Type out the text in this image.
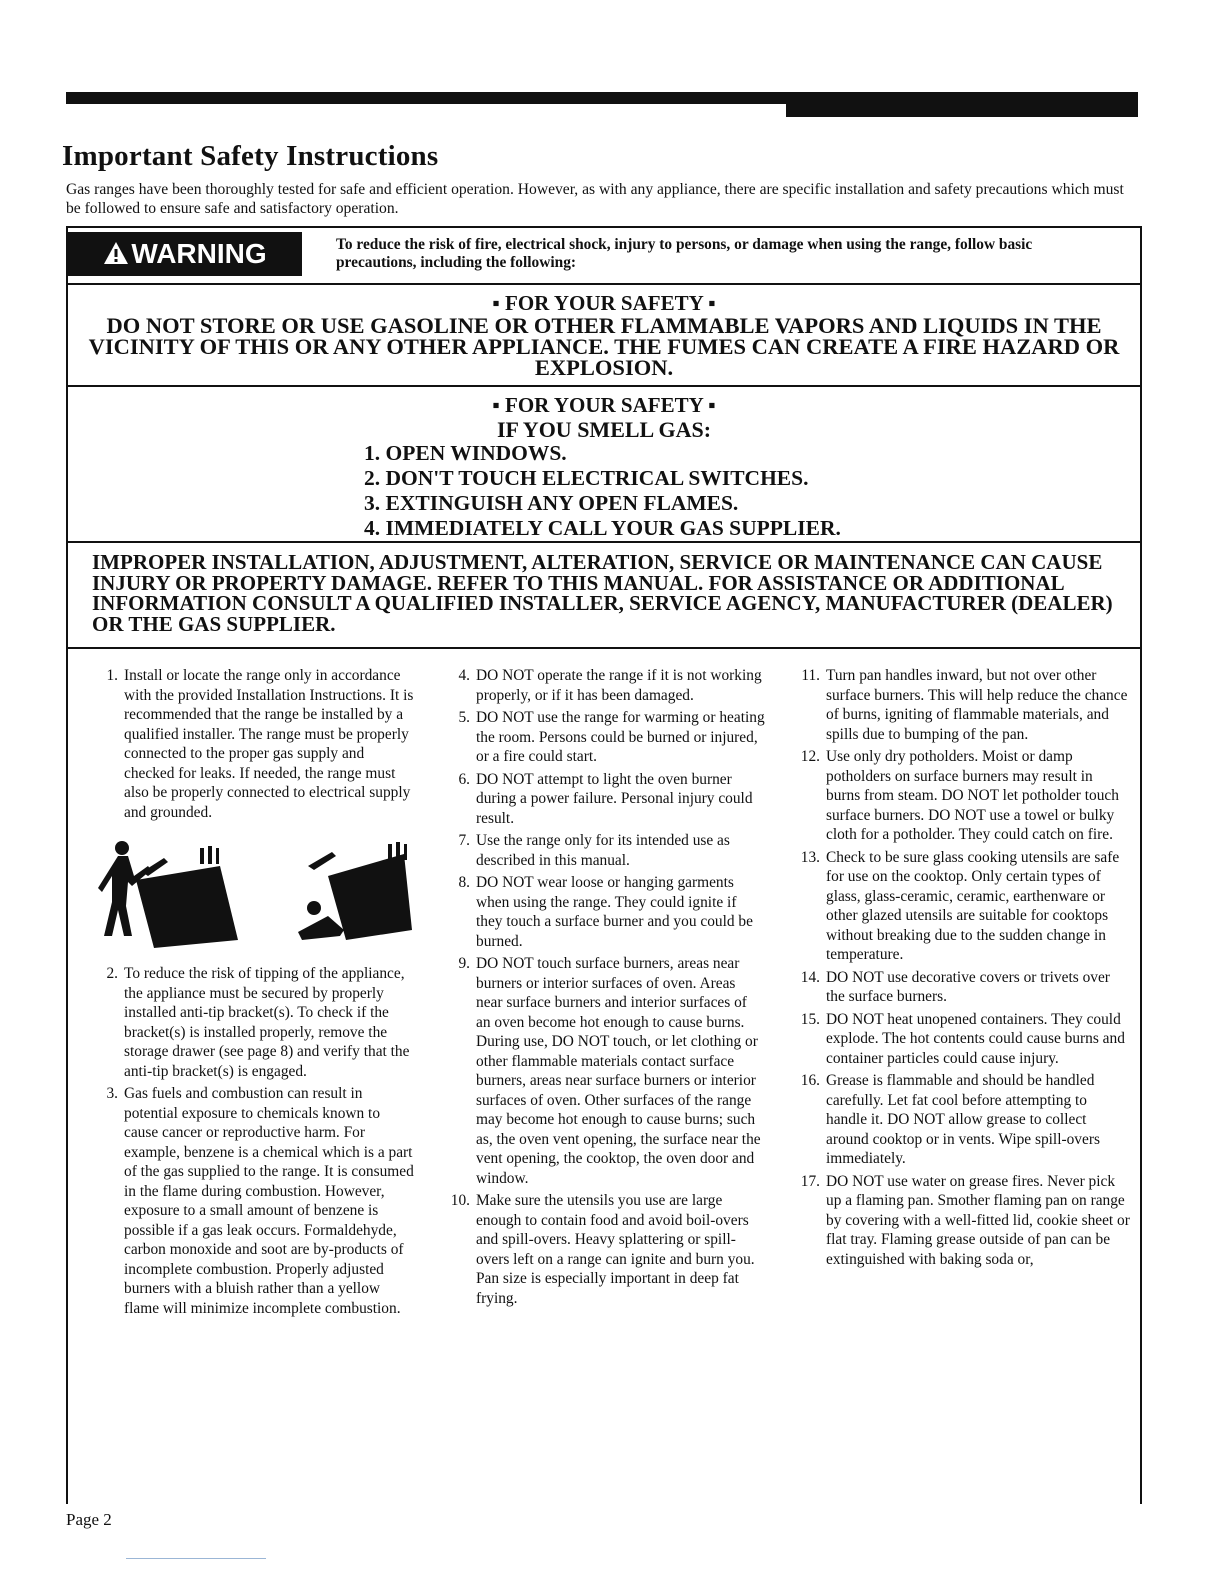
Important Safety Instructions

Gas ranges have been thoroughly tested for safe and efficient operation. However, as with any appliance, there are specific installation and safety precautions which must be followed to ensure safe and satisfactory operation.

WARNING	To reduce the risk of fire, electrical shock, injury to persons, or damage when using the range, follow basic precautions, including the following:
▪ FOR YOUR SAFETY ▪
DO NOT STORE OR USE GASOLINE OR OTHER FLAMMABLE VAPORS AND LIQUIDS IN THE VICINITY OF THIS OR ANY OTHER APPLIANCE. THE FUMES CAN CREATE A FIRE HAZARD OR EXPLOSION.
▪ FOR YOUR SAFETY ▪
IF YOU SMELL GAS:
1. OPEN WINDOWS.
2. DON'T TOUCH ELECTRICAL SWITCHES.
3. EXTINGUISH ANY OPEN FLAMES.
4. IMMEDIATELY CALL YOUR GAS SUPPLIER.
IMPROPER INSTALLATION, ADJUSTMENT, ALTERATION, SERVICE OR MAINTENANCE CAN CAUSE INJURY OR PROPERTY DAMAGE. REFER TO THIS MANUAL. FOR ASSISTANCE OR ADDITIONAL INFORMATION CONSULT A QUALIFIED INSTALLER, SERVICE AGENCY, MANUFACTURER (DEALER) OR THE GAS SUPPLIER.
1. Install or locate the range only in accordance with the provided Installation Instructions. It is recommended that the range be installed by a qualified installer. The range must be properly connected to the proper gas supply and checked for leaks. If needed, the range must also be properly connected to electrical supply and grounded.
2. To reduce the risk of tipping of the appliance, the appliance must be secured by properly installed anti-tip bracket(s). To check if the bracket(s) is installed properly, remove the storage drawer (see page 8) and verify that the anti-tip bracket(s) is engaged.
3. Gas fuels and combustion can result in potential exposure to chemicals known to cause cancer or reproductive harm. For example, benzene is a chemical which is a part of the gas supplied to the range. It is consumed in the flame during combustion. However, exposure to a small amount of benzene is possible if a gas leak occurs. Formaldehyde, carbon monoxide and soot are by-products of incomplete combustion. Properly adjusted burners with a bluish rather than a yellow flame will minimize incomplete combustion.
4. DO NOT operate the range if it is not working properly, or if it has been damaged.
5. DO NOT use the range for warming or heating the room. Persons could be burned or injured, or a fire could start.
6. DO NOT attempt to light the oven burner during a power failure. Personal injury could result.
7. Use the range only for its intended use as described in this manual.
8. DO NOT wear loose or hanging garments when using the range. They could ignite if they touch a surface burner and you could be burned.
9. DO NOT touch surface burners, areas near burners or interior surfaces of oven. Areas near surface burners and interior surfaces of an oven become hot enough to cause burns. During use, DO NOT touch, or let clothing or other flammable materials contact surface burners, areas near surface burners or interior surfaces of oven. Other surfaces of the range may become hot enough to cause burns; such as, the oven vent opening, the surface near the vent opening, the cooktop, the oven door and window.
10. Make sure the utensils you use are large enough to contain food and avoid boil-overs and spill-overs. Heavy splattering or spill-overs left on a range can ignite and burn you. Pan size is especially important in deep fat frying.
11. Turn pan handles inward, but not over other surface burners. This will help reduce the chance of burns, igniting of flammable materials, and spills due to bumping of the pan.
12. Use only dry potholders. Moist or damp potholders on surface burners may result in burns from steam. DO NOT let potholder touch surface burners. DO NOT use a towel or bulky cloth for a potholder. They could catch on fire.
13. Check to be sure glass cooking utensils are safe for use on the cooktop. Only certain types of glass, glass-ceramic, ceramic, earthenware or other glazed utensils are suitable for cooktops without breaking due to the sudden change in temperature.
14. DO NOT use decorative covers or trivets over the surface burners.
15. DO NOT heat unopened containers. They could explode. The hot contents could cause burns and container particles could cause injury.
16. Grease is flammable and should be handled carefully. Let fat cool before attempting to handle it. DO NOT allow grease to collect around cooktop or in vents. Wipe spill-overs immediately.
17. DO NOT use water on grease fires. Never pick up a flaming pan. Smother flaming pan on range by covering with a well-fitted lid, cookie sheet or flat tray. Flaming grease outside of pan can be extinguished with baking soda or,
Page 2
